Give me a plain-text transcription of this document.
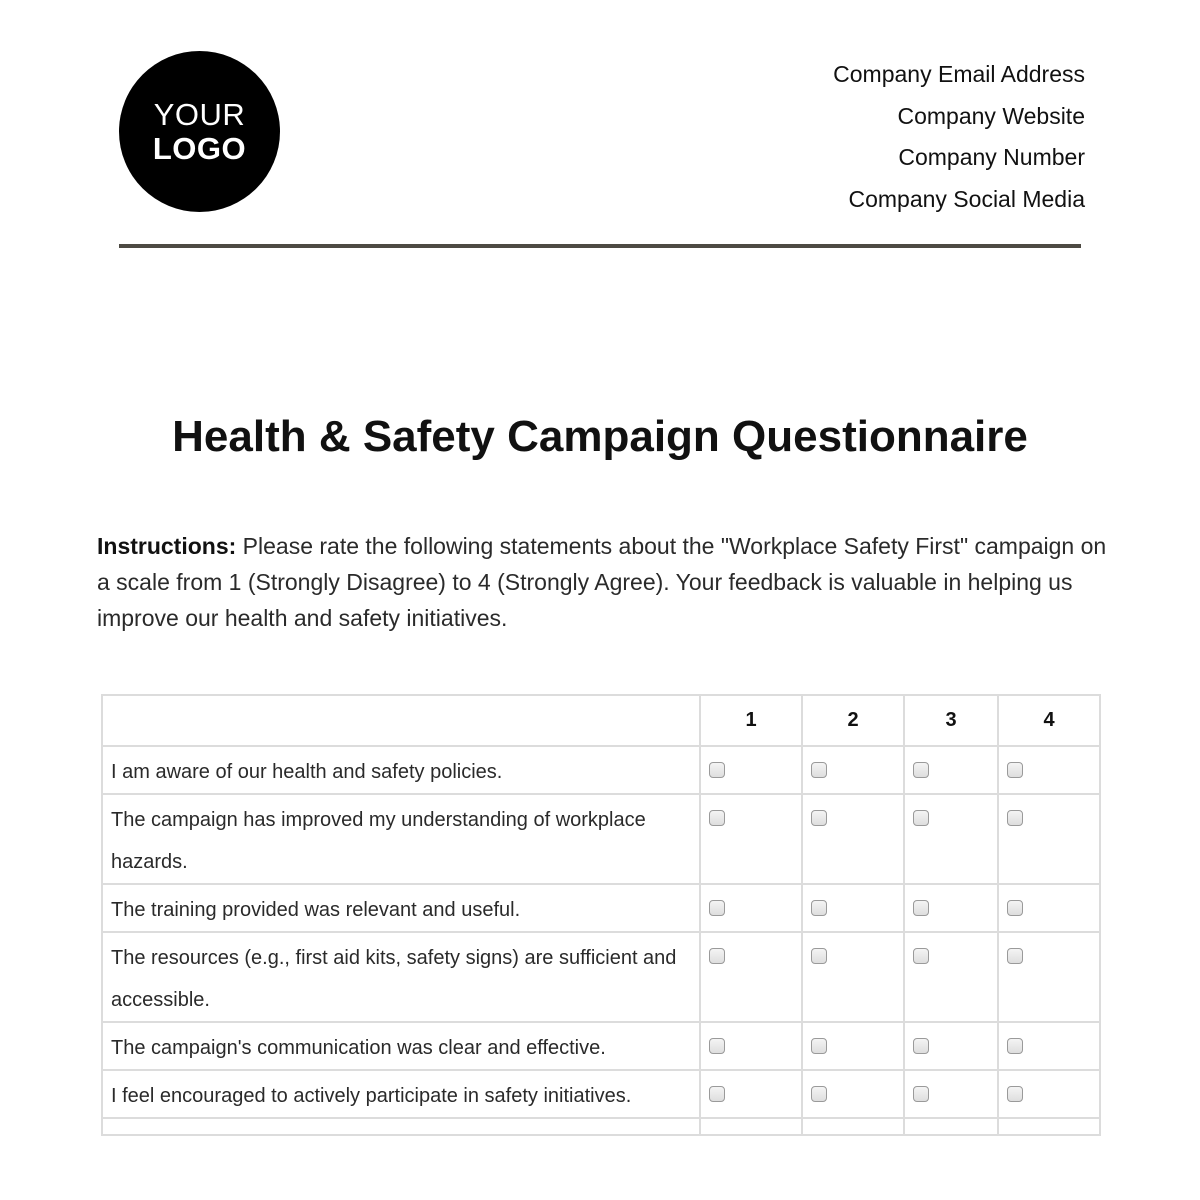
YOUR
LOGO
Company Email Address
Company Website
Company Number
Company Social Media
Health & Safety Campaign Questionnaire

Instructions: Please rate the following statements about the "Workplace Safety First" campaign on a scale from 1 (Strongly Disagree) to 4 (Strongly Agree). Your feedback is valuable in helping us improve our health and safety initiatives.

	1	2	3	4
I am aware of our health and safety policies.	

The campaign has improved my understanding of workplace hazards.	

The training provided was relevant and useful.	

The resources (e.g., first aid kits, safety signs) are sufficient and accessible.	

The campaign's communication was clear and effective.	

I feel encouraged to actively participate in safety initiatives.	
